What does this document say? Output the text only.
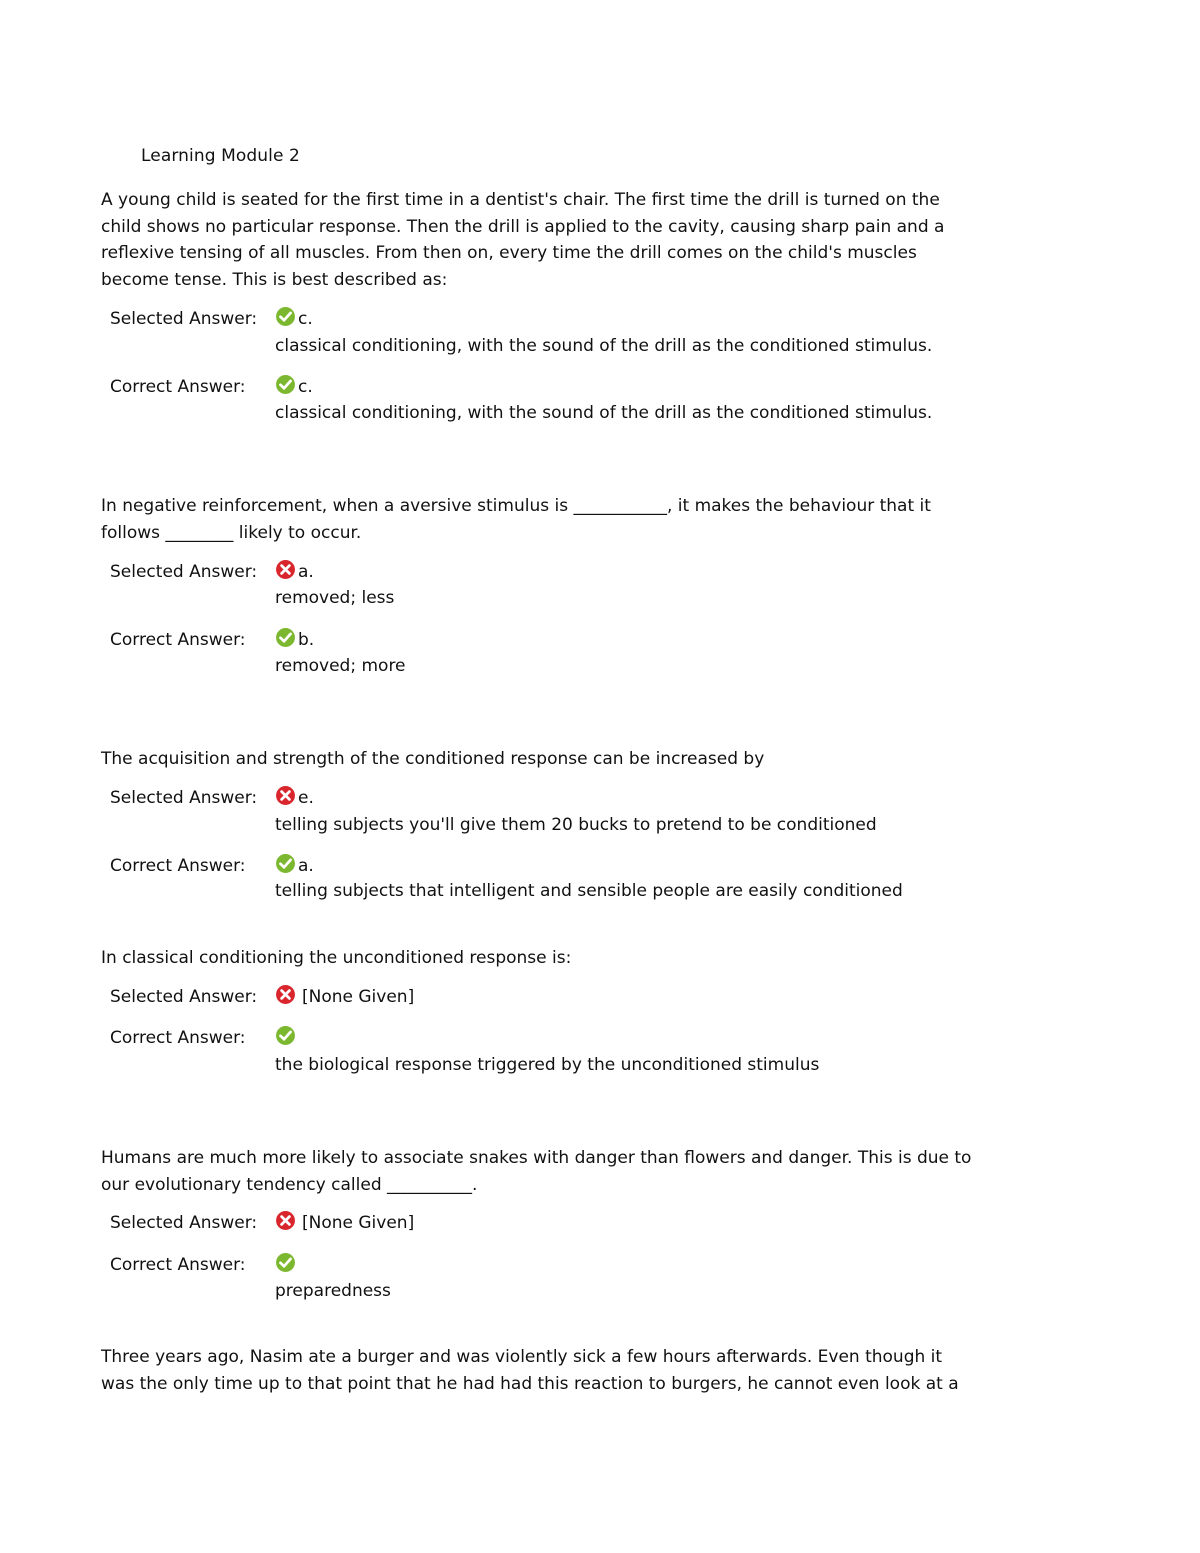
Learning Module 2
A young child is seated for the first time in a dentist's chair. The first time the drill is turned on the
child shows no particular response. Then the drill is applied to the cavity, causing sharp pain and a
reflexive tensing of all muscles. From then on, every time the drill comes on the child's muscles
become tense. This is best described as:
Selected Answer: c.
classical conditioning, with the sound of the drill as the conditioned stimulus.
Correct Answer:	c.
classical conditioning, with the sound of the drill as the conditioned stimulus.
In negative reinforcement, when a aversive stimulus is ___________, it makes the behaviour that it
follows ________ likely to occur.
Selected Answer: a.
removed; less
Correct Answer:	b.
removed; more
The acquisition and strength of the conditioned response can be increased by
Selected Answer: e.
telling subjects you'll give them 20 bucks to pretend to be conditioned
Correct Answer:	a.
telling subjects that intelligent and sensible people are easily conditioned
In classical conditioning the unconditioned response is:
Selected Answer:	[None Given]
Correct Answer:
the biological response triggered by the unconditioned stimulus
Humans are much more likely to associate snakes with danger than flowers and danger. This is due to
our evolutionary tendency called __________.
Selected Answer:	[None Given]
Correct Answer:
preparedness
Three years ago, Nasim ate a burger and was violently sick a few hours afterwards. Even though it
was the only time up to that point that he had had this reaction to burgers, he cannot even look at a
